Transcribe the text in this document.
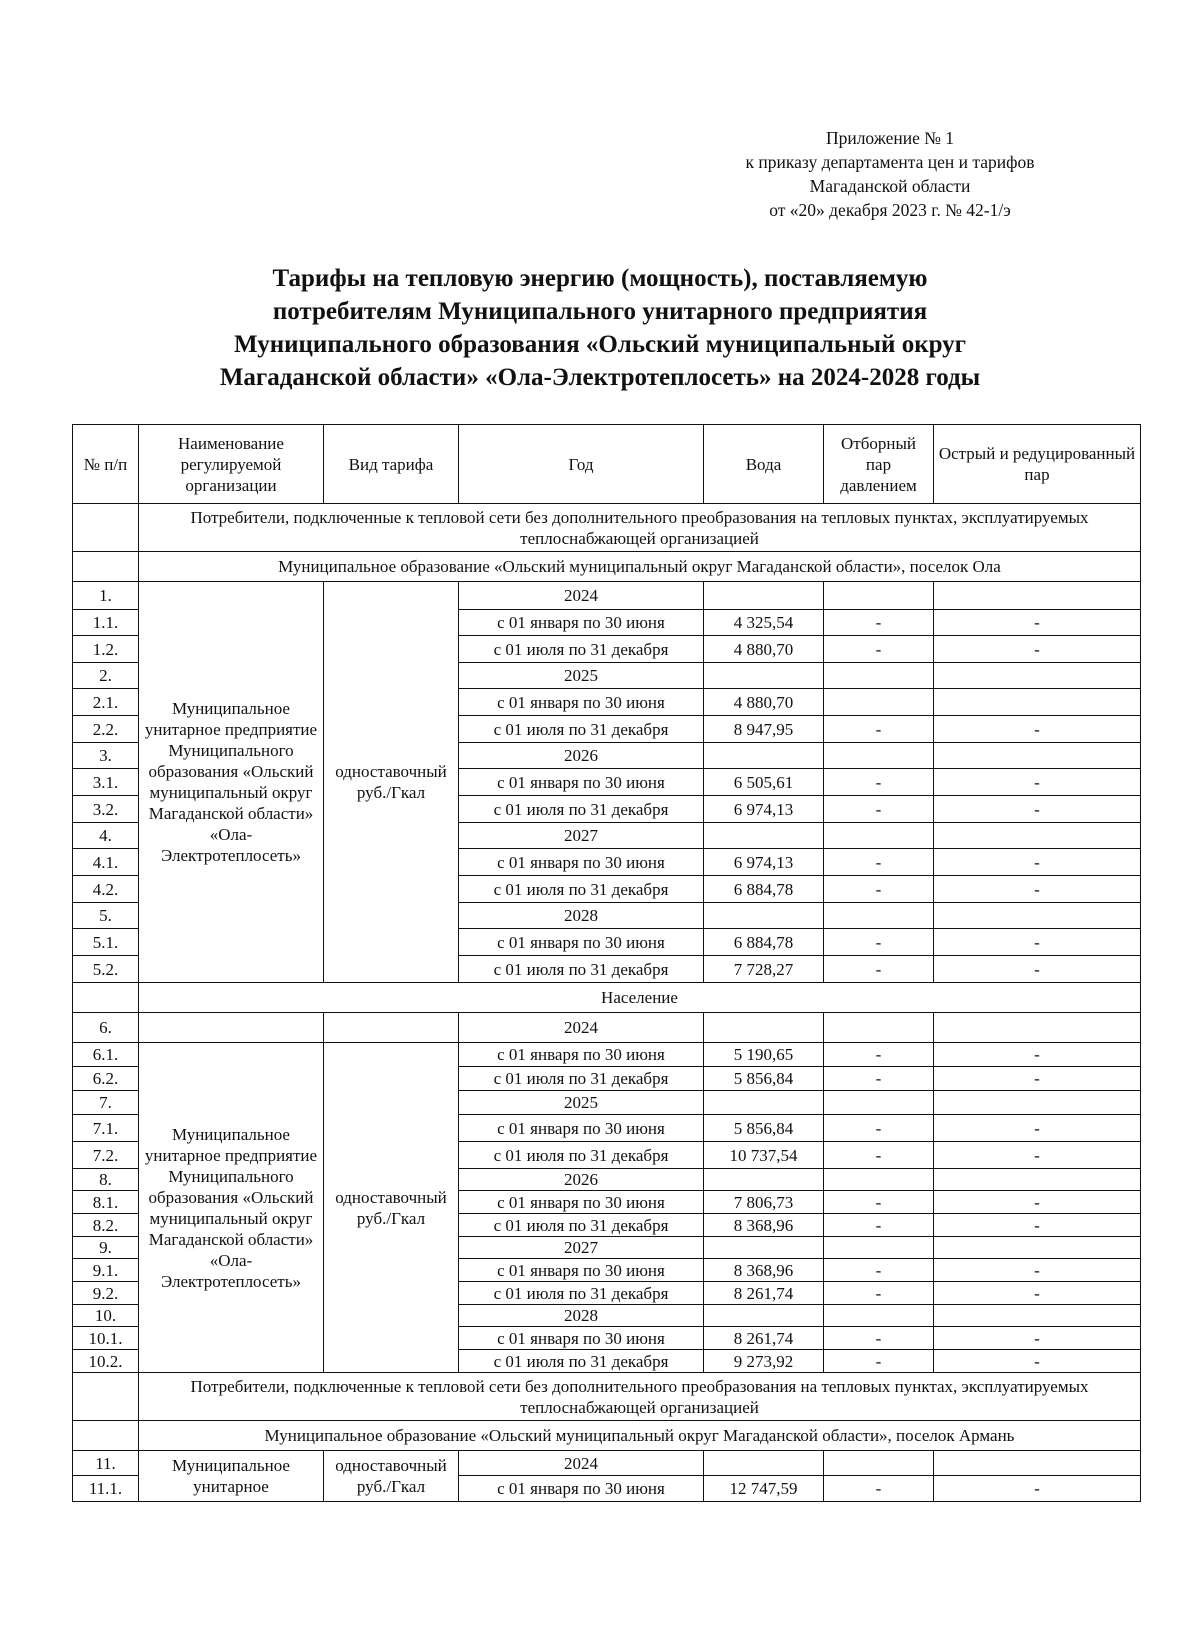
Приложение № 1
к приказу департамента цен и тарифов
Магаданской области
от «20» декабря 2023 г. № 42-1/э
Тарифы на тепловую энергию (мощность), поставляемую
потребителям Муниципального унитарного предприятия
Муниципального образования «Ольский муниципальный округ
Магаданской области» «Ола-Электротеплосеть» на 2024-2028 годы
№ п/п	Наименование регулируемой организации	Вид тарифа	Год	Вода	Отборный пар давлением	Острый и редуцированный пар
	Потребители, подключенные к тепловой сети без дополнительного преобразования на тепловых пунктах, эксплуатируемых теплоснабжающей организацией					
	Муниципальное образование «Ольский муниципальный округ Магаданской области», поселок Ола					
1.	Муниципальное унитарное предприятие Муниципального образования «Ольский муниципальный округ Магаданской области» «Ола-Электротеплосеть»	одноставочный руб./Гкал	2024			
1.1.			с 01 января по 30 июня	4 325,54	-	-
1.2.			с 01 июля по 31 декабря	4 880,70	-	-
2.			2025			
2.1.			с 01 января по 30 июня	4 880,70		
2.2.			с 01 июля по 31 декабря	8 947,95	-	-
3.			2026			
3.1.			с 01 января по 30 июня	6 505,61	-	-
3.2.			с 01 июля по 31 декабря	6 974,13	-	-
4.			2027			
4.1.			с 01 января по 30 июня	6 974,13	-	-
4.2.			с 01 июля по 31 декабря	6 884,78	-	-
5.			2028			
5.1.			с 01 января по 30 июня	6 884,78	-	-
5.2.			с 01 июля по 31 декабря	7 728,27	-	-
	Население					
6.			2024			
6.1.	Муниципальное унитарное предприятие Муниципального образования «Ольский муниципальный округ Магаданской области» «Ола-Электротеплосеть»	одноставочный руб./Гкал	с 01 января по 30 июня	5 190,65	-	-
6.2.			с 01 июля по 31 декабря	5 856,84	-	-
7.			2025			
7.1.			с 01 января по 30 июня	5 856,84	-	-
7.2.			с 01 июля по 31 декабря	10 737,54	-	-
8.			2026			
8.1.			с 01 января по 30 июня	7 806,73	-	-
8.2.			с 01 июля по 31 декабря	8 368,96	-	-
9.			2027			
9.1.			с 01 января по 30 июня	8 368,96	-	-
9.2.			с 01 июля по 31 декабря	8 261,74	-	-
10.			2028			
10.1.			с 01 января по 30 июня	8 261,74	-	-
10.2.			с 01 июля по 31 декабря	9 273,92	-	-
	Потребители, подключенные к тепловой сети без дополнительного преобразования на тепловых пунктах, эксплуатируемых теплоснабжающей организацией					
	Муниципальное образование «Ольский муниципальный округ Магаданской области», поселок Армань					
11.	Муниципальное унитарное	одноставочный руб./Гкал	2024			
11.1.			с 01 января по 30 июня	12 747,59	-	-
